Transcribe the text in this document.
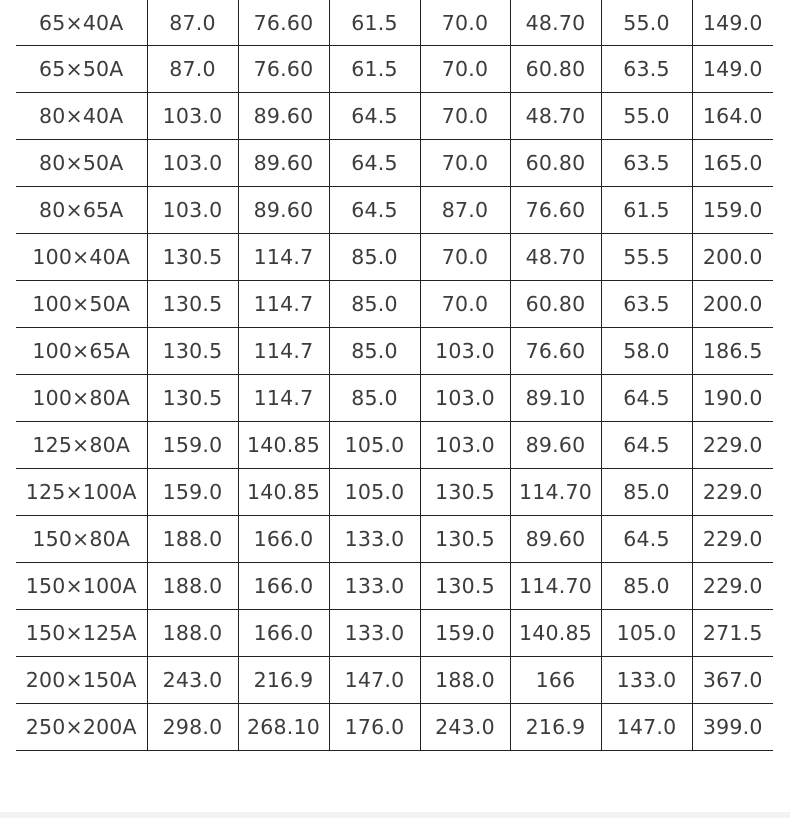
65×40A	87.0	76.60	61.5	70.0	48.70	55.0	149.0
65×50A	87.0	76.60	61.5	70.0	60.80	63.5	149.0
80×40A	103.0	89.60	64.5	70.0	48.70	55.0	164.0
80×50A	103.0	89.60	64.5	70.0	60.80	63.5	165.0
80×65A	103.0	89.60	64.5	87.0	76.60	61.5	159.0
100×40A	130.5	114.7	85.0	70.0	48.70	55.5	200.0
100×50A	130.5	114.7	85.0	70.0	60.80	63.5	200.0
100×65A	130.5	114.7	85.0	103.0	76.60	58.0	186.5
100×80A	130.5	114.7	85.0	103.0	89.10	64.5	190.0
125×80A	159.0	140.85	105.0	103.0	89.60	64.5	229.0
125×100A	159.0	140.85	105.0	130.5	114.70	85.0	229.0
150×80A	188.0	166.0	133.0	130.5	89.60	64.5	229.0
150×100A	188.0	166.0	133.0	130.5	114.70	85.0	229.0
150×125A	188.0	166.0	133.0	159.0	140.85	105.0	271.5
200×150A	243.0	216.9	147.0	188.0	166	133.0	367.0
250×200A	298.0	268.10	176.0	243.0	216.9	147.0	399.0
